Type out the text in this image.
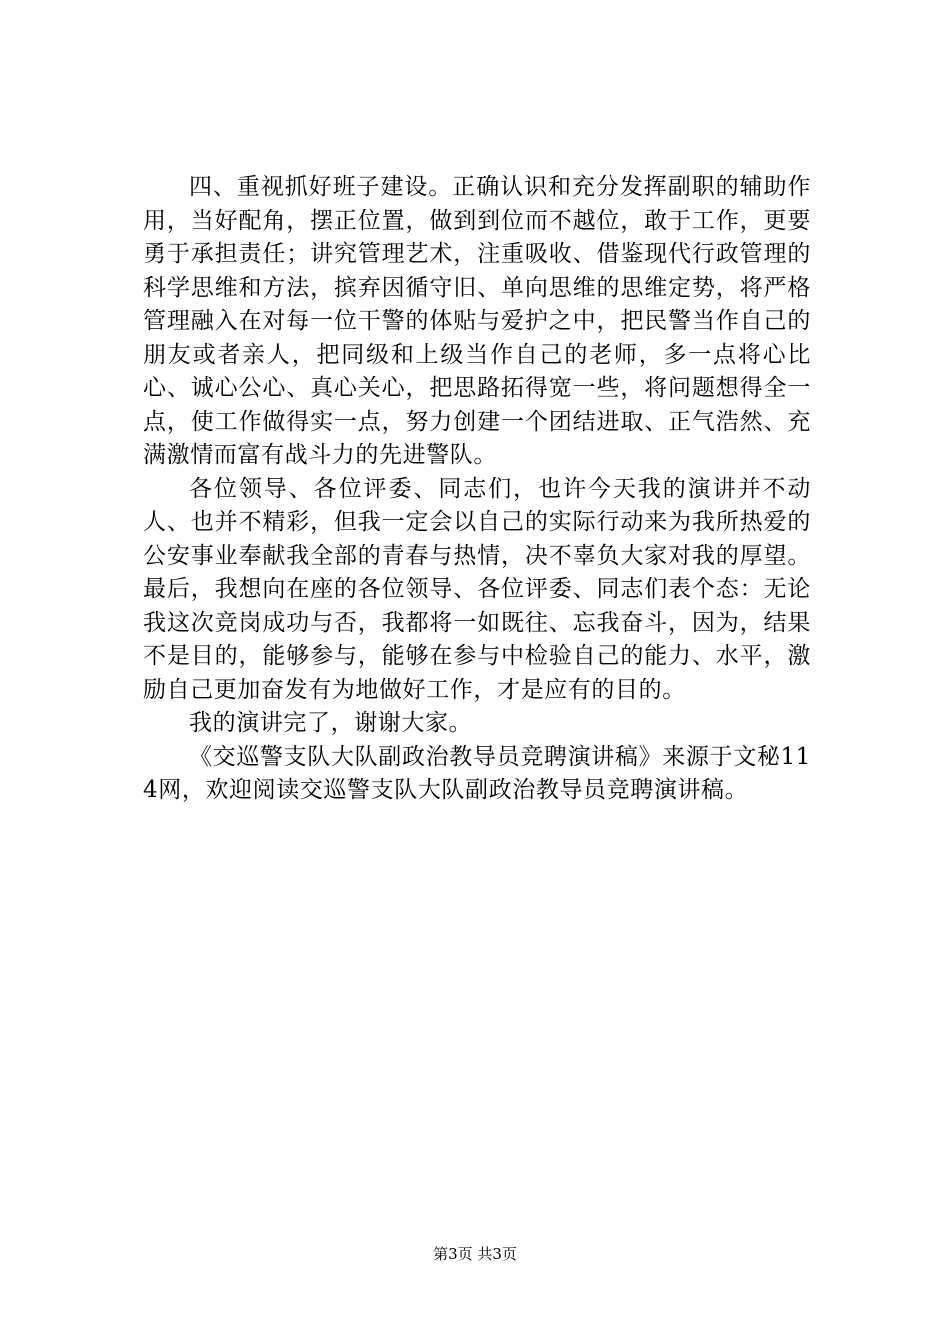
四、重视抓好班子建设。正确认识和充分发挥副职的辅助作用，当好配角，摆正位置，做到到位而不越位，敢于工作，更要勇于承担责任；讲究管理艺术，注重吸收、借鉴现代行政管理的科学思维和方法，摈弃因循守旧、单向思维的思维定势，将严格管理融入在对每一位干警的体贴与爱护之中，把民警当作自己的朋友或者亲人，把同级和上级当作自己的老师，多一点将心比心、诚心公心、真心关心，把思路拓得宽一些，将问题想得全一点，使工作做得实一点，努力创建一个团结进取、正气浩然、充满激情而富有战斗力的先进警队。

各位领导、各位评委、同志们，也许今天我的演讲并不动人、也并不精彩，但我一定会以自己的实际行动来为我所热爱的公安事业奉献我全部的青春与热情，决不辜负大家对我的厚望。最后，我想向在座的各位领导、各位评委、同志们表个态：无论我这次竞岗成功与否，我都将一如既往、忘我奋斗，因为，结果不是目的，能够参与，能够在参与中检验自己的能力、水平，激励自己更加奋发有为地做好工作，才是应有的目的。

我的演讲完了，谢谢大家。

《交巡警支队大队副政治教导员竞聘演讲稿》来源于文秘114网，欢迎阅读交巡警支队大队副政治教导员竞聘演讲稿。

第3页 共3页
